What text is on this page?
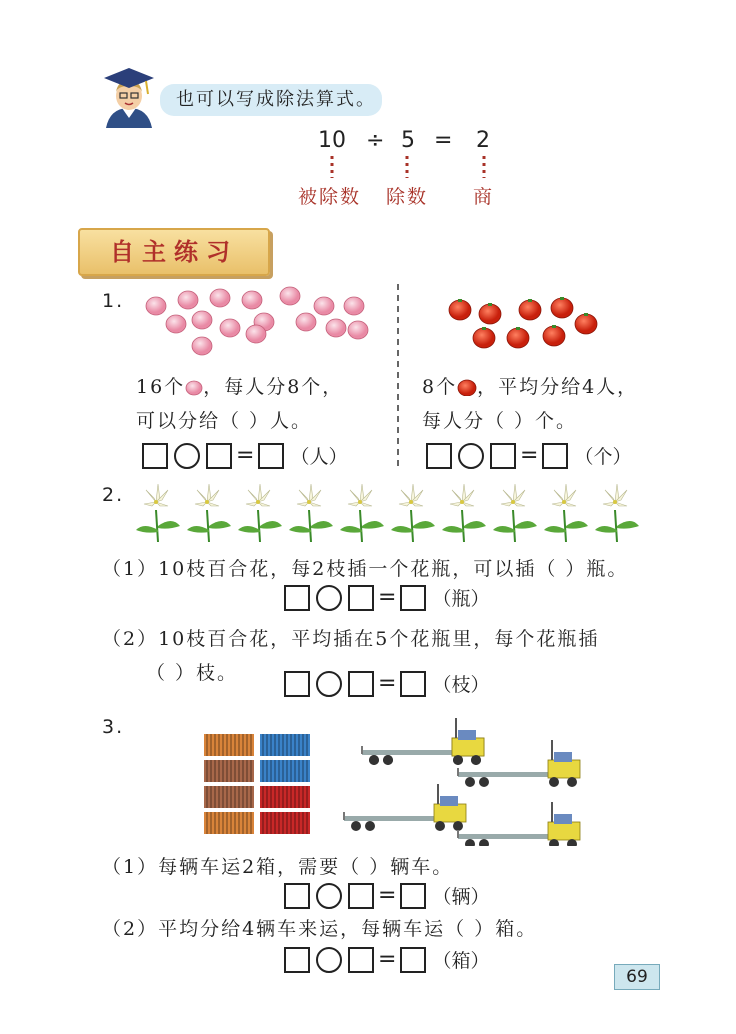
也可以写成除法算式。
10 ÷ 5 = 2
被除数 除数 商
自主练习
1.
16个 ，每人分8个，
可以分给（ ）人。
= （人）
8个 ，平均分给4人，
每人分（ ）个。
= （个）
2.
（1）10枝百合花，每2枝插一个花瓶，可以插（ ）瓶。
= （瓶）
（2）10枝百合花，平均插在5个花瓶里，每个花瓶插
（ ）枝。	= （枝）
3.
（1）每辆车运2箱，需要（ ）辆车。
= （辆）
（2）平均分给4辆车来运，每辆车运（ ）箱。
= （箱）
69
